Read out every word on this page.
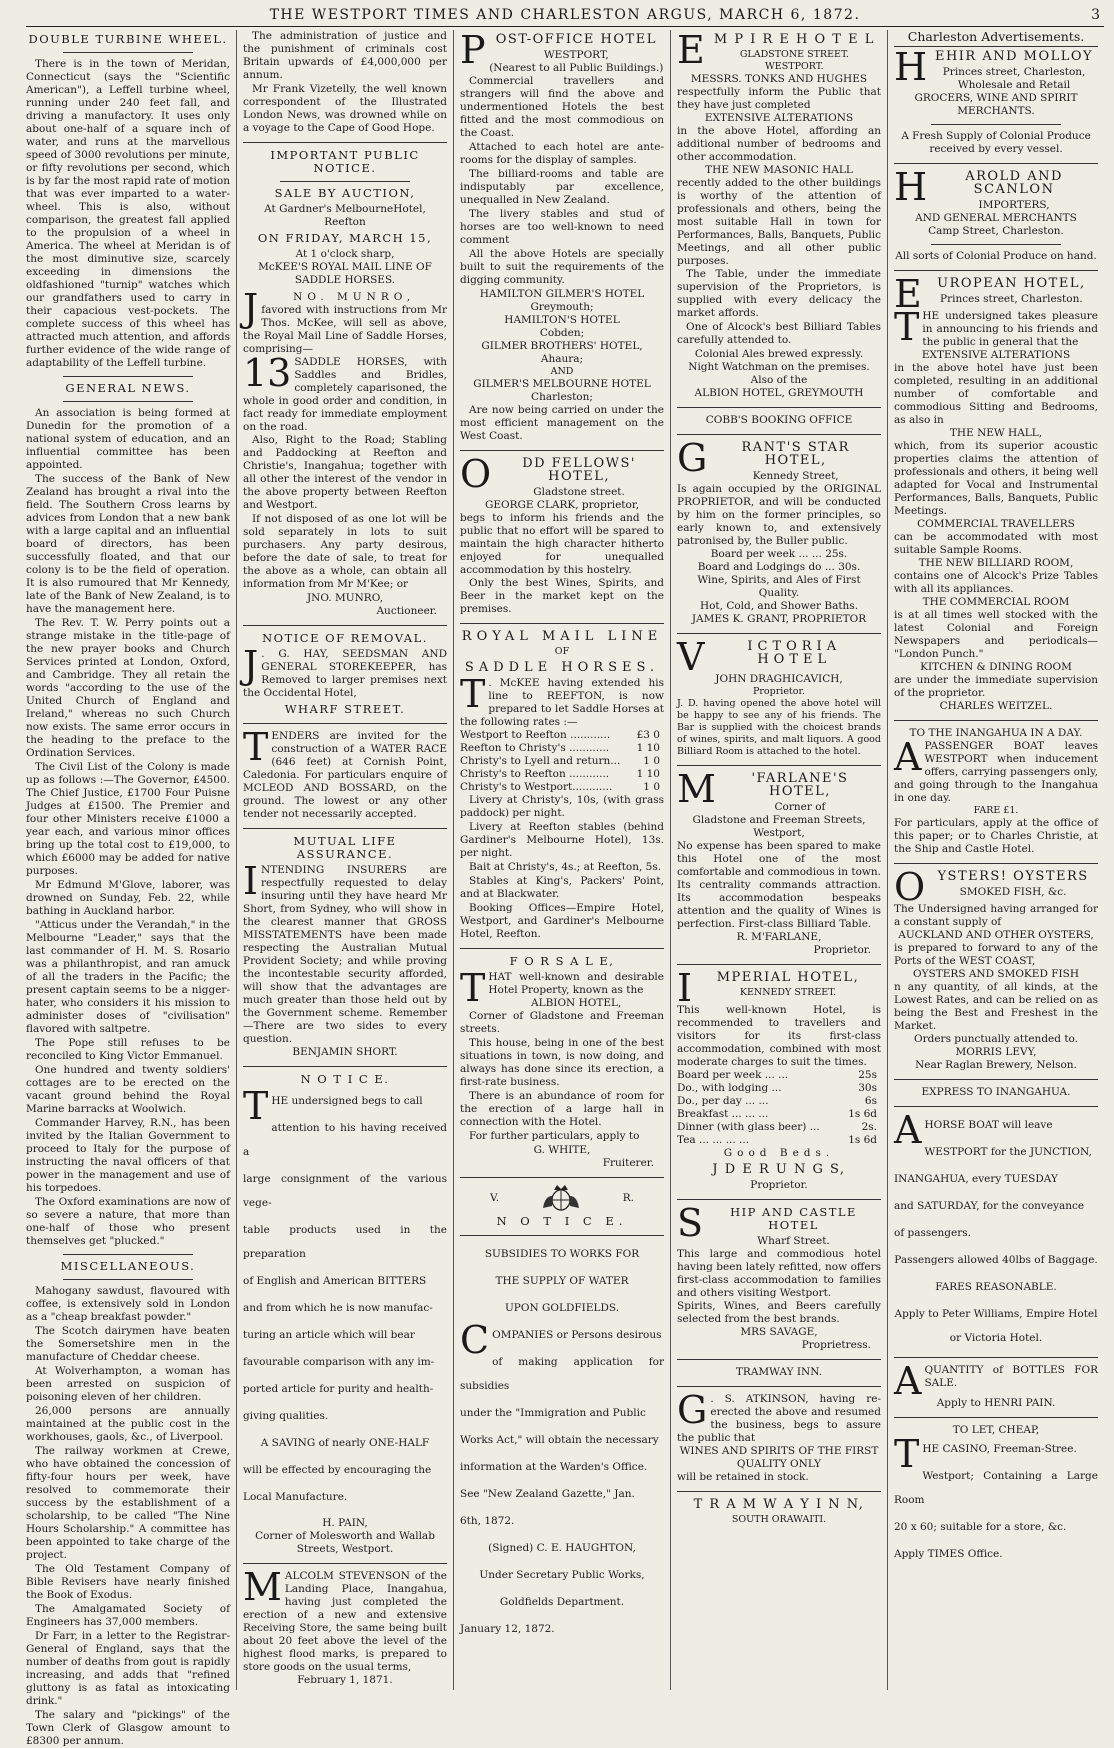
THE WESTPORT TIMES AND CHARLESTON ARGUS, MARCH 6, 1872.	3
DOUBLE TURBINE WHEEL.

There is in the town of Meridan, Connecticut (says the "Scientific American"), a Leffell turbine wheel, running under 240 feet fall, and driving a manufactory. It uses only about one-half of a square inch of water, and runs at the marvellous speed of 3000 revolutions per minute, or fifty revolutions per second, which is by far the most rapid rate of motion that was ever imparted to a water-wheel. This is also, without comparison, the greatest fall applied to the propulsion of a wheel in America. The wheel at Meridan is of the most diminutive size, scarcely exceeding in dimensions the oldfashioned "turnip" watches which our grandfathers used to carry in their capacious vest-pockets. The complete success of this wheel has attracted much attention, and affords further evidence of the wide range of adaptability of the Leffell turbine.

GENERAL NEWS.

An association is being formed at Dunedin for the promotion of a national system of education, and an influential committee has been appointed.

The success of the Bank of New Zealand has brought a rival into the field. The Southern Cross learns by advices from London that a new bank with a large capital and an influential board of directors, has been successfully floated, and that our colony is to be the field of operation. It is also rumoured that Mr Kennedy, late of the Bank of New Zealand, is to have the management here.

The Rev. T. W. Perry points out a strange mistake in the title-page of the new prayer books and Church Services printed at London, Oxford, and Cambridge. They all retain the words "according to the use of the United Church of England and Ireland," whereas no such Church now exists. The same error occurs in the heading to the preface to the Ordination Services.

The Civil List of the Colony is made up as follows :—The Governor, £4500. The Chief Justice, £1700 Four Puisne Judges at £1500. The Premier and four other Ministers receive £1000 a year each, and various minor offices bring up the total cost to £19,000, to which £6000 may be added for native purposes.

Mr Edmund M'Glove, laborer, was drowned on Sunday, Feb. 22, while bathing in Auckland harbor.

"Atticus under the Verandah," in the Melbourne "Leader," says that the last commander of H. M. S. Rosario was a philanthropist, and ran amuck of all the traders in the Pacific; the present captain seems to be a nigger-hater, who considers it his mission to administer doses of "civilisation" flavored with saltpetre.

The Pope still refuses to be reconciled to King Victor Emmanuel.

One hundred and twenty soldiers' cottages are to be erected on the vacant ground behind the Royal Marine barracks at Woolwich.

Commander Harvey, R.N., has been invited by the Italian Government to proceed to Italy for the purpose of instructing the naval officers of that power in the management and use of his torpedoes.

The Oxford examinations are now of so severe a nature, that more than one-half of those who present themselves get "plucked."

MISCELLANEOUS.

Mahogany sawdust, flavoured with coffee, is extensively sold in London as a "cheap breakfast powder."

The Scotch dairymen have beaten the Somersetshire men in the manufacture of Cheddar cheese.

At Wolverhampton, a woman has been arrested on suspicion of poisoning eleven of her children.

26,000 persons are annually maintained at the public cost in the workhouses, gaols, &c., of Liverpool.

The railway workmen at Crewe, who have obtained the concession of fifty-four hours per week, have resolved to commemorate their success by the establishment of a scholarship, to be called "The Nine Hours Scholarship." A committee has been appointed to take charge of the project.

The Old Testament Company of Bible Revisers have nearly finished the Book of Exodus.

The Amalgamated Society of Engineers has 37,000 members.

Dr Farr, in a letter to the Registrar-General of England, says that the number of deaths from gout is rapidly increasing, and adds that "refined gluttony is as fatal as intoxicating drink."

The salary and "pickings" of the Town Clerk of Glasgow amount to £8300 per annum.

The administration of justice and the punishment of criminals cost Britain upwards of £4,000,000 per annum.

Mr Frank Vizetelly, the well known correspondent of the Illustrated London News, was drowned while on a voyage to the Cape of Good Hope.

IMPORTANT PUBLIC NOTICE.
SALE BY AUCTION,
At Gardner's MelbourneHotel, Reefton
ON FRIDAY, MARCH 15,
At 1 o'clock sharp,
McKEE'S ROYAL MAIL LINE OF SADDLE HORSES.
J	NO. MUNRO,
favored with instructions from Mr Thos. McKee, will sell as above, the Royal Mail Line of Saddle Horses, comprising—
13 SADDLE HORSES, with Saddles and Bridles, completely caparisoned, the whole in good order and condition, in fact ready for immediate employment on the road.

Also, Right to the Road; Stabling and Paddocking at Reefton and Christie's, Inangahua; together with all other the interest of the vendor in the above property between Reefton and Westport.

If not disposed of as one lot will be sold separately in lots to suit purchasers. Any party desirous, before the date of sale, to treat for the above as a whole, can obtain all information from Mr M'Kee; or

JNO. MUNRO,
Auctioneer.
NOTICE OF REMOVAL.
J . G. HAY, SEEDSMAN AND GENERAL STOREKEEPER, has Removed to larger premises next the Occidental Hotel,
WHARF STREET.
T ENDERS are invited for the construction of a WATER RACE (646 feet) at Cornish Point, Caledonia. For particulars enquire of MCLEOD AND BOSSARD, on the ground. The lowest or any other tender not necessarily accepted.
MUTUAL LIFE ASSURANCE.
I NTENDING INSURERS are respectfully requested to delay insuring until they have heard Mr Short, from Sydney, who will show in the clearest manner that GROSS MISSTATEMENTS have been made respecting the Australian Mutual Provident Society; and while proving the incontestable security afforded, will show that the advantages are much greater than those held out by the Government scheme. Remember—There are two sides to every question.
BENJAMIN SHORT.
N O T I C E.
T HE undersigned begs to call

attention to his having received a

large consignment of the various vege-

table products used in the preparation

of English and American BITTERS

and from which he is now manufac-

turing an article which will bear

favourable comparison with any im-

ported article for purity and health-

giving qualities.

A SAVING of nearly ONE-HALF

will be effected by encouraging the

Local Manufacture.

H. PAIN,
Corner of Molesworth and Wallab Streets, Westport.
M ALCOLM STEVENSON of the Landing Place, Inangahua, having just completed the erection of a new and extensive Receiving Store, the same being built about 20 feet above the level of the highest flood marks, is prepared to store goods on the usual terms,
February 1, 1871.
P OST-OFFICE HOTEL
WESTPORT,
(Nearest to all Public Buildings.)

Commercial travellers and strangers will find the above and undermentioned Hotels the best fitted and the most commodious on the Coast.

Attached to each hotel are ante-rooms for the display of samples.

The billiard-rooms and table are indisputably par excellence, unequalled in New Zealand.

The livery stables and stud of horses are too well-known to need comment

All the above Hotels are specially built to suit the requirements of the digging community.

HAMILTON GILMER'S HOTEL
Greymouth;
HAMILTON'S HOTEL
Cobden;
GILMER BROTHERS' HOTEL,
Ahaura;
AND
GILMER'S MELBOURNE HOTEL
Charleston;

Are now being carried on under the most efficient management on the West Coast.

O	DD FELLOWS' HOTEL,
Gladstone street.
GEORGE CLARK, proprietor,
begs to inform his friends and the public that no effort will be spared to maintain the high character hitherto enjoyed for unequalled accommodation by this hostelry.

Only the best Wines, Spirits, and Beer in the market kept on the premises.

ROYAL MAIL LINE
OF
SADDLE HORSES.
T . McKEE having extended his line to REEFTON, is now prepared to let Saddle Horses at the following rates :—
Westport to Reefton ............	£3 0
Reefton to Christy's ............	1 10
Christy's to Lyell and return... 1 0
Christy's to Reefton ............	1 10
Christy's to Westport............	1 0

Livery at Christy's, 10s, (with grass paddock) per night.

Livery at Reefton stables (behind Gardiner's Melbourne Hotel), 13s. per night.

Bait at Christy's, 4s.; at Reefton, 5s.

Stables at King's, Packers' Point, and at Blackwater.

Booking Offices—Empire Hotel, Westport, and Gardiner's Melbourne Hotel, Reefton.

F O R S A L E,
T HAT well-known and desirable Hotel Property, known as the
ALBION HOTEL,

Corner of Gladstone and Freeman streets.

This house, being in one of the best situations in town, is now doing, and always has done since its erection, a first-rate business.

There is an abundance of room for the erection of a large hall in connection with the Hotel.

For further particulars, apply to

G. WHITE,
Fruiterer.
V.	R.
N O T I C E.

SUBSIDIES TO WORKS FOR

THE SUPPLY OF WATER

UPON GOLDFIELDS.

C OMPANIES or Persons desirous

of making application for subsidies

under the "Immigration and Public

Works Act," will obtain the necessary

information at the Warden's Office.

See "New Zealand Gazette," Jan.

6th, 1872.

(Signed) C. E. HAUGHTON,

Under Secretary Public Works,

Goldfields Department.

January 12, 1872.

E M P I R E H O T E L
GLADSTONE STREET.
WESTPORT.
MESSRS. TONKS AND HUGHES
respectfully inform the Public that they have just completed
EXTENSIVE ALTERATIONS
in the above Hotel, affording an additional number of bedrooms and other accommodation.
THE NEW MASONIC HALL
recently added to the other buildings is worthy of the attention of professionals and others, being the most suitable Hall in town for Performances, Balls, Banquets, Public Meetings, and all other public purposes.

The Table, under the immediate supervision of the Proprietors, is supplied with every delicacy the market affords.

One of Alcock's best Billiard Tables carefully attended to.

Colonial Ales brewed expressly.
Night Watchman on the premises.
Also of the
ALBION HOTEL, GREYMOUTH
COBB'S BOOKING OFFICE
G	RANT'S STAR HOTEL,
Kennedy Street,
Is again occupied by the ORIGINAL PROPRIETOR, and will be conducted by him on the former principles, so early known to, and extensively patronised by, the Buller public.
Board per week ... ... 25s.
Board and Lodgings do ... 30s.
Wine, Spirits, and Ales of First Quality.
Hot, Cold, and Shower Baths.
JAMES K. GRANT, PROPRIETOR
V	ICTORIA HOTEL
JOHN DRAGHICAVICH,
Proprietor.
J. D. having opened the above hotel will be happy to see any of his friends. The Bar is supplied with the choicest brands of wines, spirits, and malt liquors. A good Billiard Room is attached to the hotel.
M	'FARLANE'S HOTEL,
Corner of
Gladstone and Freeman Streets,
Westport,
No expense has been spared to make this Hotel one of the most comfortable and commodious in town. Its centrality commands attraction. Its accommodation bespeaks attention and the quality of Wines is perfection. First-class Billiard Table.
R. M'FARLANE,
Proprietor.
I	MPERIAL HOTEL,
KENNEDY STREET.
This well-known Hotel, is recommended to travellers and visitors for its first-class accommodation, combined with most moderate charges to suit the times.
Board per week ... ...	25s
Do., with lodging ...	30s
Do., per day ... ...	6s
Breakfast ... ... ...	1s 6d
Dinner (with glass beer) ...	2s.
Tea ... ... ... ...	1s 6d
Good Beds.
J D E R U N G S,
Proprietor.
S	HIP AND CASTLE HOTEL
Wharf Street.
This large and commodious hotel having been lately refitted, now offers first-class accommodation to families and others visiting Westport.
Spirits, Wines, and Beers carefully selected from the best brands.
MRS SAVAGE,
Proprietress.
TRAMWAY INN.
G . S. ATKINSON, having re-erected the above and resumed the business, begs to assure the public that
WINES AND SPIRITS OF THE FIRST QUALITY ONLY
will be retained in stock.
T R A M W A Y I N N,
SOUTH ORAWAITI.
Charleston Advertisements.
H EHIR AND MOLLOY
Princes street, Charleston,
Wholesale and Retail
GROCERS, WINE AND SPIRIT MERCHANTS.
A Fresh Supply of Colonial Produce received by every vessel.
H	AROLD AND SCANLON
IMPORTERS,
AND GENERAL MERCHANTS
Camp Street, Charleston.
All sorts of Colonial Produce on hand.
E	UROPEAN HOTEL,
Princes street, Charleston.
T HE undersigned takes pleasure in announcing to his friends and the public in general that the
EXTENSIVE ALTERATIONS
in the above hotel have just been completed, resulting in an additional number of comfortable and commodious Sitting and Bedrooms, as also in
THE NEW HALL,
which, from its superior acoustic properties claims the attention of professionals and others, it being well adapted for Vocal and Instrumental Performances, Balls, Banquets, Public Meetings.
COMMERCIAL TRAVELLERS
can be accommodated with most suitable Sample Rooms.
THE NEW BILLIARD ROOM,
contains one of Alcock's Prize Tables with all its appliances.
THE COMMERCIAL ROOM
is at all times well stocked with the latest Colonial and Foreign Newspapers and periodicals— "London Punch."
KITCHEN & DINING ROOM
are under the immediate supervision of the proprietor.
CHARLES WEITZEL.
TO THE INANGAHUA IN A DAY.
A PASSENGER BOAT leaves WESTPORT when inducement offers, carrying passengers only, and going through to the Inangahua in one day.
FARE £1.
For particulars, apply at the office of this paper; or to Charles Christie, at the Ship and Castle Hotel.
O YSTERS! OYSTERS
SMOKED FISH, &c.
The Undersigned having arranged for a constant supply of
AUCKLAND AND OTHER OYSTERS,
is prepared to forward to any of the Ports of the WEST COAST,
OYSTERS AND SMOKED FISH
n any quantity, of all kinds, at the Lowest Rates, and can be relied on as being the Best and Freshest in the Market.
Orders punctually attended to.
MORRIS LEVY,
Near Raglan Brewery, Nelson.
EXPRESS TO INANGAHUA.
A HORSE BOAT will leave

WESTPORT for the JUNCTION,

INANGAHUA, every TUESDAY

and SATURDAY, for the conveyance

of passengers.

Passengers allowed 40lbs of Baggage.

FARES REASONABLE.

Apply to Peter Williams, Empire Hotel or Victoria Hotel.

A QUANTITY of BOTTLES FOR SALE.
Apply to HENRI PAIN.
TO LET, CHEAP,
T HE CASINO, Freeman-Stree.

Westport; Containing a Large Room

20 x 60; suitable for a store, &c.

Apply TIMES Office.
